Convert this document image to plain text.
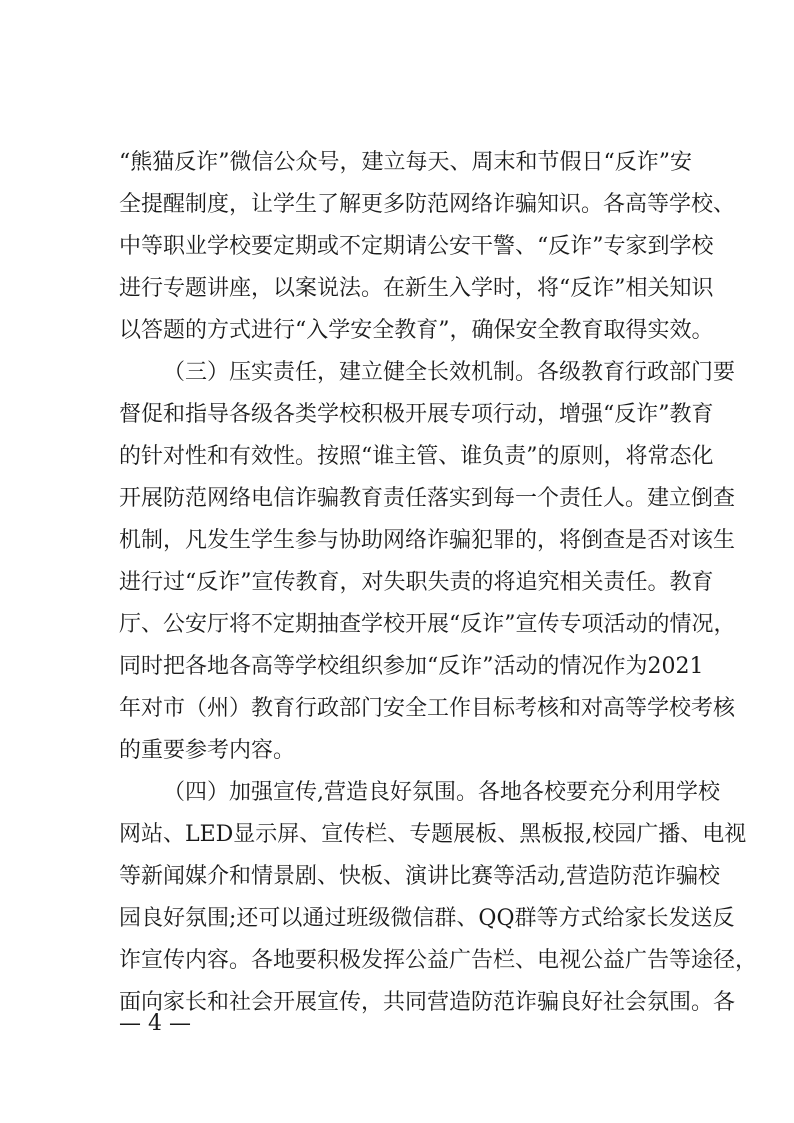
“熊猫反诈”微信公众号，建立每天、周末和节假日“反诈”安
全提醒制度，让学生了解更多防范网络诈骗知识。各高等学校、
中等职业学校要定期或不定期请公安干警、“反诈”专家到学校
进行专题讲座，以案说法。在新生入学时，将“反诈”相关知识
以答题的方式进行“入学安全教育”，确保安全教育取得实效。
（三）压实责任，建立健全长效机制。各级教育行政部门要
督促和指导各级各类学校积极开展专项行动，增强“反诈”教育
的针对性和有效性。按照“谁主管、谁负责”的原则，将常态化
开展防范网络电信诈骗教育责任落实到每一个责任人。建立倒查
机制，凡发生学生参与协助网络诈骗犯罪的，将倒查是否对该生
进行过“反诈”宣传教育，对失职失责的将追究相关责任。教育
厅、公安厅将不定期抽查学校开展“反诈”宣传专项活动的情况，
同时把各地各高等学校组织参加“反诈”活动的情况作为2021
年对市（州）教育行政部门安全工作目标考核和对高等学校考核
的重要参考内容。
（四）加强宣传,营造良好氛围。各地各校要充分利用学校
网站、LED显示屏、宣传栏、专题展板、黑板报,校园广播、电视
等新闻媒介和情景剧、快板、演讲比赛等活动,营造防范诈骗校
园良好氛围;还可以通过班级微信群、QQ群等方式给家长发送反
诈宣传内容。各地要积极发挥公益广告栏、电视公益广告等途径，
面向家长和社会开展宣传，共同营造防范诈骗良好社会氛围。各
— 4 —
